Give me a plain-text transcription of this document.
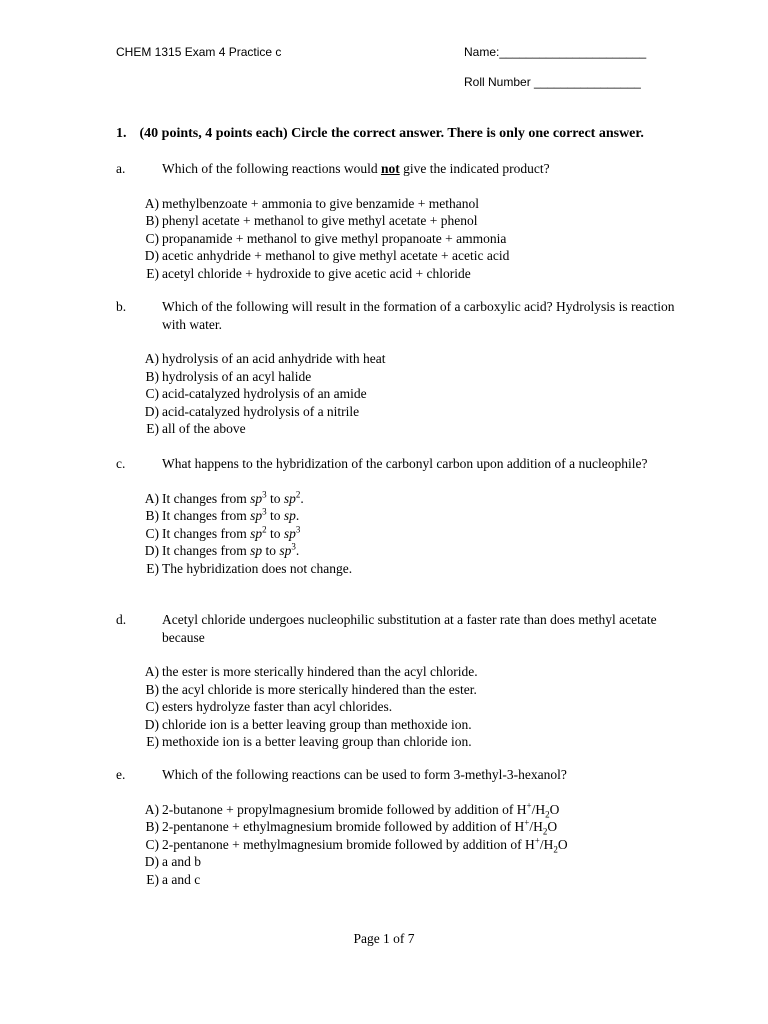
CHEM 1315 Exam 4 Practice c	Name:______________________
Roll Number ________________
1. (40 points, 4 points each) Circle the correct answer. There is only one correct answer.
a.	Which of the following reactions would not give the indicated product?
A) methylbenzoate + ammonia to give benzamide + methanol
B) phenyl acetate + methanol to give methyl acetate + phenol
C) propanamide + methanol to give methyl propanoate + ammonia
D) acetic anhydride + methanol to give methyl acetate + acetic acid
E) acetyl chloride + hydroxide to give acetic acid + chloride
b.	Which of the following will result in the formation of a carboxylic acid? Hydrolysis is reaction with water.
A) hydrolysis of an acid anhydride with heat
B) hydrolysis of an acyl halide
C) acid-catalyzed hydrolysis of an amide
D) acid-catalyzed hydrolysis of a nitrile
E) all of the above
c.	What happens to the hybridization of the carbonyl carbon upon addition of a nucleophile?
A) It changes from $sp^3$ to $sp^2$.
B) It changes from $sp^3$ to sp.
C) It changes from $sp^2$ to $sp^3$
D) It changes from sp to $sp^3$.
E) The hybridization does not change.
d.	Acetyl chloride undergoes nucleophilic substitution at a faster rate than does methyl acetate because
A) the ester is more sterically hindered than the acyl chloride.
B) the acyl chloride is more sterically hindered than the ester.
C) esters hydrolyze faster than acyl chlorides.
D) chloride ion is a better leaving group than methoxide ion.
E) methoxide ion is a better leaving group than chloride ion.
e.	Which of the following reactions can be used to form 3-methyl-3-hexanol?
A) 2-butanone + propylmagnesium bromide followed by addition of $H^+/H_2O$
B) 2-pentanone + ethylmagnesium bromide followed by addition of $H^+/H_2O$
C) 2-pentanone + methylmagnesium bromide followed by addition of $H^+/H_2O$
D) a and b
E) a and c
Page 1 of 7
